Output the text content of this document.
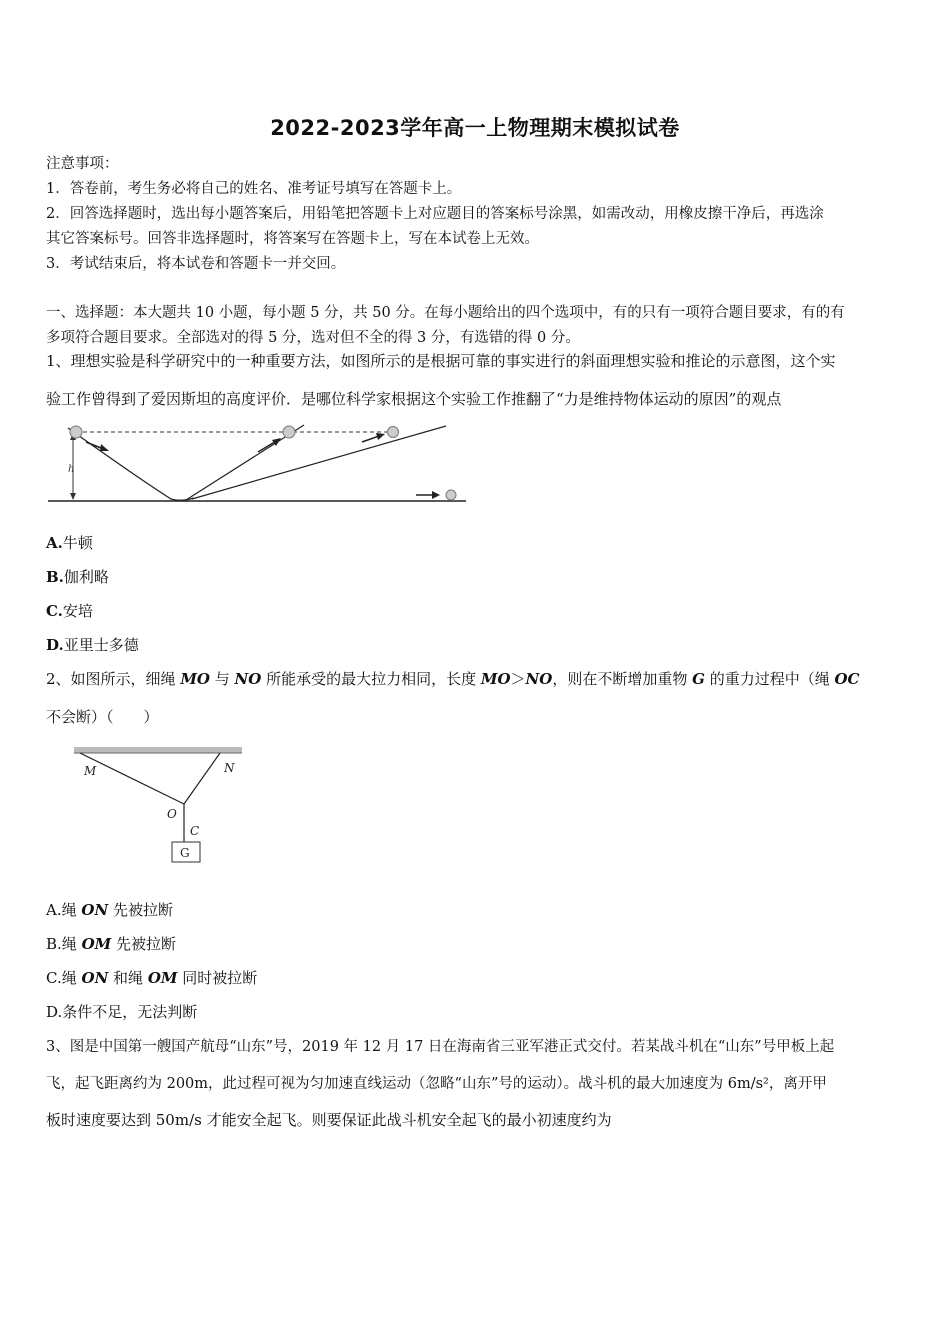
2022-2023学年高一上物理期末模拟试卷
注意事项：
1．答卷前，考生务必将自己的姓名、准考证号填写在答题卡上。
2．回答选择题时，选出每小题答案后，用铅笔把答题卡上对应题目的答案标号涂黑，如需改动，用橡皮擦干净后，再选涂
其它答案标号。回答非选择题时，将答案写在答题卡上，写在本试卷上无效。
3．考试结束后，将本试卷和答题卡一并交回。
一、选择题：本大题共 10 小题，每小题 5 分，共 50 分。在每小题给出的四个选项中，有的只有一项符合题目要求，有的有
多项符合题目要求。全部选对的得 5 分，选对但不全的得 3 分，有选错的得 0 分。
1、理想实验是科学研究中的一种重要方法，如图所示的是根据可靠的事实进行的斜面理想实验和推论的示意图，这个实
验工作曾得到了爱因斯坦的高度评价．是哪位科学家根据这个实验工作推翻了“力是维持物体运动的原因”的观点
h
A.牛顿
B.伽利略
C.安培
D.亚里士多德
2、如图所示，细绳 MO 与 NO 所能承受的最大拉力相同，长度 MO＞NO，则在不断增加重物 G 的重力过程中（绳 OC
不会断）（　　）
M	N
O
C
G
A.绳 ON 先被拉断
B.绳 OM 先被拉断
C.绳 ON 和绳 OM 同时被拉断
D.条件不足，无法判断
3、图是中国第一艘国产航母“山东”号，2019 年 12 月 17 日在海南省三亚军港正式交付。若某战斗机在“山东”号甲板上起
飞，起飞距离约为 200m，此过程可视为匀加速直线运动（忽略“山东”号的运动）。战斗机的最大加速度为 6m/s²，离开甲
板时速度要达到 50m/s 才能安全起飞。则要保证此战斗机安全起飞的最小初速度约为
